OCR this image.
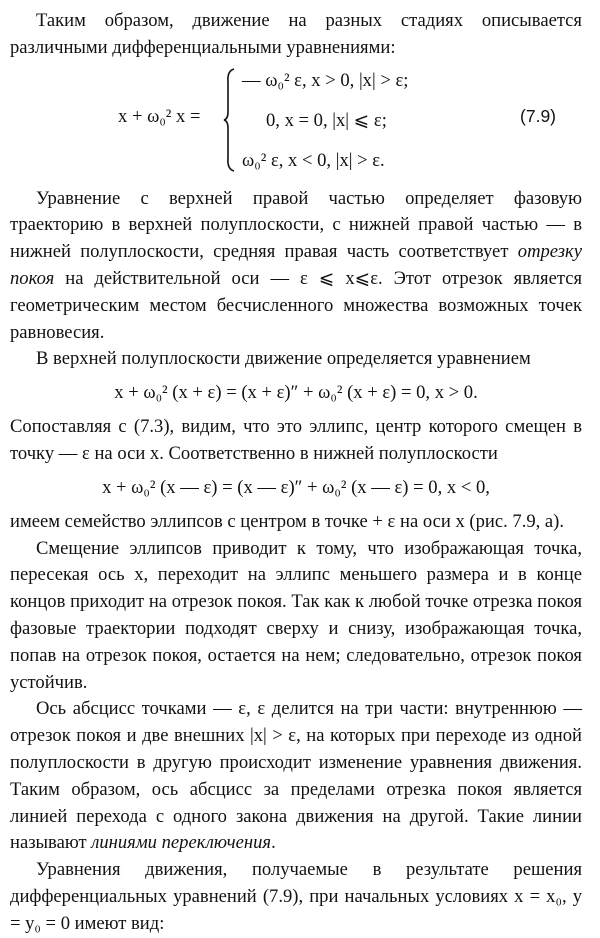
Таким образом, движение на разных стадиях описывается различными дифференциальными уравнениями:

x + ω₀² x =
— ω₀² ε, x > 0, |x| > ε;
0, x = 0, |x| ⩽ ε;
ω₀² ε, x < 0, |x| > ε.
(7.9)

Уравнение с верхней правой частью определяет фазовую траекторию в верхней полуплоскости, с нижней правой частью — в нижней полуплоскости, средняя правая часть соответствует отрезку покоя на действительной оси — ε ⩽ x⩽ε. Этот отрезок является геометрическим местом бесчисленного множества возможных точек равновесия.

В верхней полуплоскости движение определяется уравнением

x + ω₀² (x + ε) = (x + ε)″ + ω₀² (x + ε) = 0, x > 0.

Сопоставляя с (7.3), видим, что это эллипс, центр которого смещен в точку — ε на оси x. Соответственно в нижней полуплоскости

x + ω₀² (x — ε) = (x — ε)″ + ω₀² (x — ε) = 0, x < 0,

имеем семейство эллипсов с центром в точке + ε на оси x (рис. 7.9, а).

Смещение эллипсов приводит к тому, что изображающая точка, пересекая ось x, переходит на эллипс меньшего размера и в конце концов приходит на отрезок покоя. Так как к любой точке отрезка покоя фазовые траектории подходят сверху и снизу, изображающая точка, попав на отрезок покоя, остается на нем; следовательно, отрезок покоя устойчив.

Ось абсцисс точками — ε, ε делится на три части: внутреннюю — отрезок покоя и две внешних |x| > ε, на которых при переходе из одной полуплоскости в другую происходит изменение уравнения движения. Таким образом, ось абсцисс за пределами отрезка покоя является линией перехода с одного закона движения на другой. Такие линии называют линиями переключения.

Уравнения движения, получаемые в результате решения дифференциальных уравнений (7.9), при начальных условиях x = x₀, y = y₀ = 0 имеют вид:
